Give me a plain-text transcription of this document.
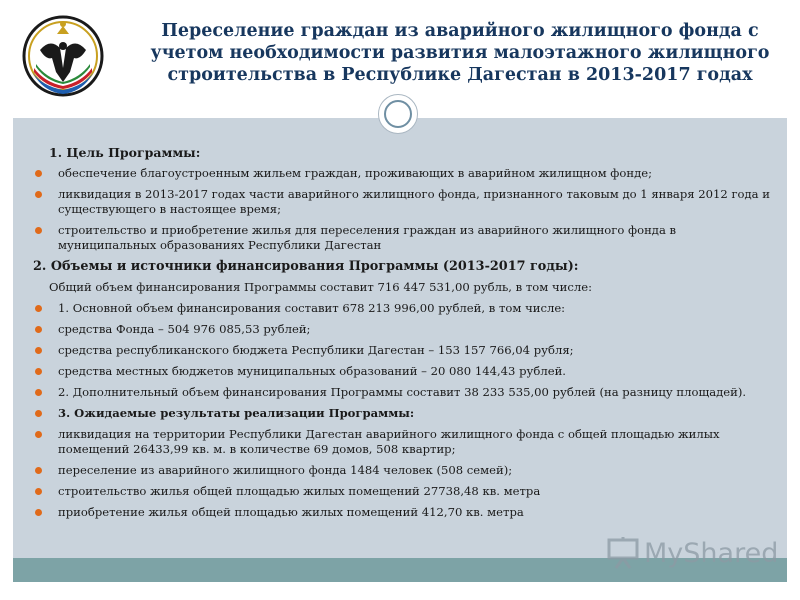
Переселение граждан из аварийного жилищного фонда с
учетом необходимости развития малоэтажного жилищного
строительства в Республике Дагестан в 2013-2017 годах
1. Цель Программы:
обеспечение благоустроенным жильем граждан, проживающих в аварийном жилищном фонде;
ликвидация в 2013-2017 годах части аварийного жилищного фонда, признанного таковым до 1 января 2012 года и существующего в настоящее время;
строительство и приобретение жилья для переселения граждан из аварийного жилищного фонда в муниципальных образованиях Республики Дагестан
2. Объемы и источники финансирования Программы (2013-2017 годы):
Общий объем финансирования Программы составит 716 447 531,00 рубль, в том числе:
1. Основной объем финансирования составит 678 213 996,00 рублей, в том числе:
средства Фонда – 504 976 085,53 рублей;
средства республиканского бюджета Республики Дагестан – 153 157 766,04 рубля;
средства местных бюджетов муниципальных образований – 20 080 144,43 рублей.
2. Дополнительный объем финансирования Программы составит 38 233 535,00 рублей (на разницу площадей).
3. Ожидаемые результаты реализации Программы:
ликвидация на территории Республики Дагестан аварийного жилищного фонда с общей площадью жилых помещений 26433,99 кв. м. в количестве 69 домов, 508 квартир;
переселение из аварийного жилищного фонда 1484 человек (508 семей);
строительство жилья общей площадью жилых помещений 27738,48 кв. метра
приобретение жилья общей площадью жилых помещений 412,70 кв. метра
MyShared
